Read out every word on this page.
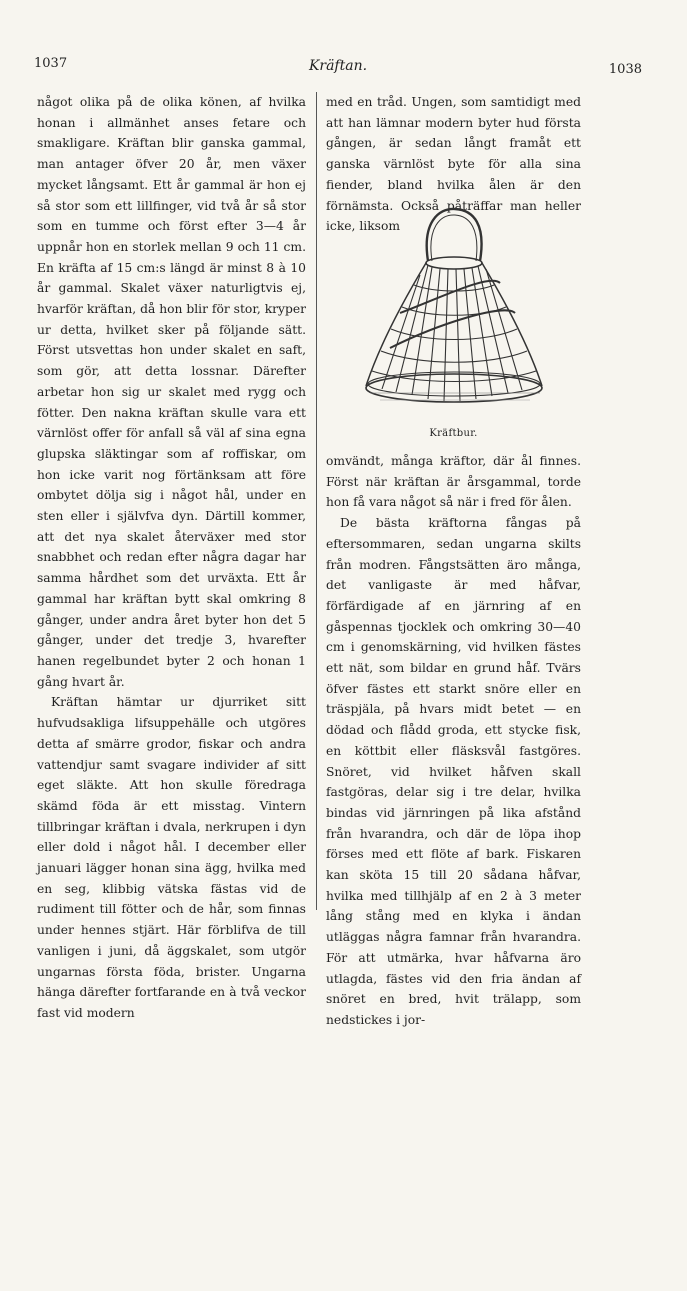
1037	Kräftan.	1038

något olika på de olika könen, af hvilka honan i allmänhet anses fetare och smakligare. Kräftan blir ganska gammal, man antager öfver 20 år, men växer mycket långsamt. Ett år gammal är hon ej så stor som ett lillfinger, vid två år så stor som en tumme och först efter 3—4 år uppnår hon en storlek mellan 9 och 11 cm. En kräfta af 15 cm:s längd är minst 8 à 10 år gammal. Skalet växer naturligtvis ej, hvarför kräftan, då hon blir för stor, kryper ur detta, hvilket sker på följande sätt. Först utsvettas hon under skalet en saft, som gör, att detta lossnar. Därefter arbetar hon sig ur skalet med rygg och fötter. Den nakna kräftan skulle vara ett värnlöst offer för anfall så väl af sina egna glupska släktingar som af roffiskar, om hon icke varit nog förtänksam att före ombytet dölja sig i något hål, under en sten eller i självfva dyn. Därtill kommer, att det nya skalet återväxer med stor snabbhet och redan efter några dagar har samma hårdhet som det urväxta. Ett år gammal har kräftan bytt skal omkring 8 gånger, under andra året byter hon det 5 gånger, under det tredje 3, hvarefter hanen regelbundet byter 2 och honan 1 gång hvart år.

Kräftan hämtar ur djurriket sitt hufvudsakliga lifsuppehälle och utgöres detta af smärre grodor, fiskar och andra vattendjur samt svagare individer af sitt eget släkte. Att hon skulle föredraga skämd föda är ett misstag. Vintern tillbringar kräftan i dvala, nerkrupen i dyn eller dold i något hål. I december eller januari lägger honan sina ägg, hvilka med en seg, klibbig vätska fästas vid de rudiment till fötter och de hår, som finnas under hennes stjärt. Här förblifva de till vanligen i juni, då äggskalet, som utgör ungarnas första föda, brister. Ungarna hänga därefter fortfarande en à två veckor fast vid modern

med en tråd. Ungen, som samtidigt med att han lämnar modern byter hud första gången, är sedan långt framåt ett ganska värnlöst byte för alla sina fiender, bland hvilka ålen är den förnämsta. Också påträffar man heller icke, liksom

Kräftbur.

omvändt, många kräftor, där ål finnes. Först när kräftan är årsgammal, torde hon få vara något så när i fred för ålen.

De bästa kräftorna fångas på eftersommaren, sedan ungarna skilts från modren. Fångstsätten äro många, det vanligaste är med håfvar, förfärdigade af en järnring af en gåspennas tjocklek och omkring 30—40 cm i genomskärning, vid hvilken fästes ett nät, som bildar en grund håf. Tvärs öfver fästes ett starkt snöre eller en träspjäla, på hvars midt betet — en dödad och flådd groda, ett stycke fisk, en köttbit eller fläsksvål fastgöres. Snöret, vid hvilket håfven skall fastgöras, delar sig i tre delar, hvilka bindas vid järnringen på lika afstånd från hvarandra, och där de löpa ihop förses med ett flöte af bark. Fiskaren kan sköta 15 till 20 sådana håfvar, hvilka med tillhjälp af en 2 à 3 meter lång stång med en klyka i ändan utläggas några famnar från hvarandra. För att utmärka, hvar håfvarna äro utlagda, fästes vid den fria ändan af snöret en bred, hvit trälapp, som nedstickes i jor-
